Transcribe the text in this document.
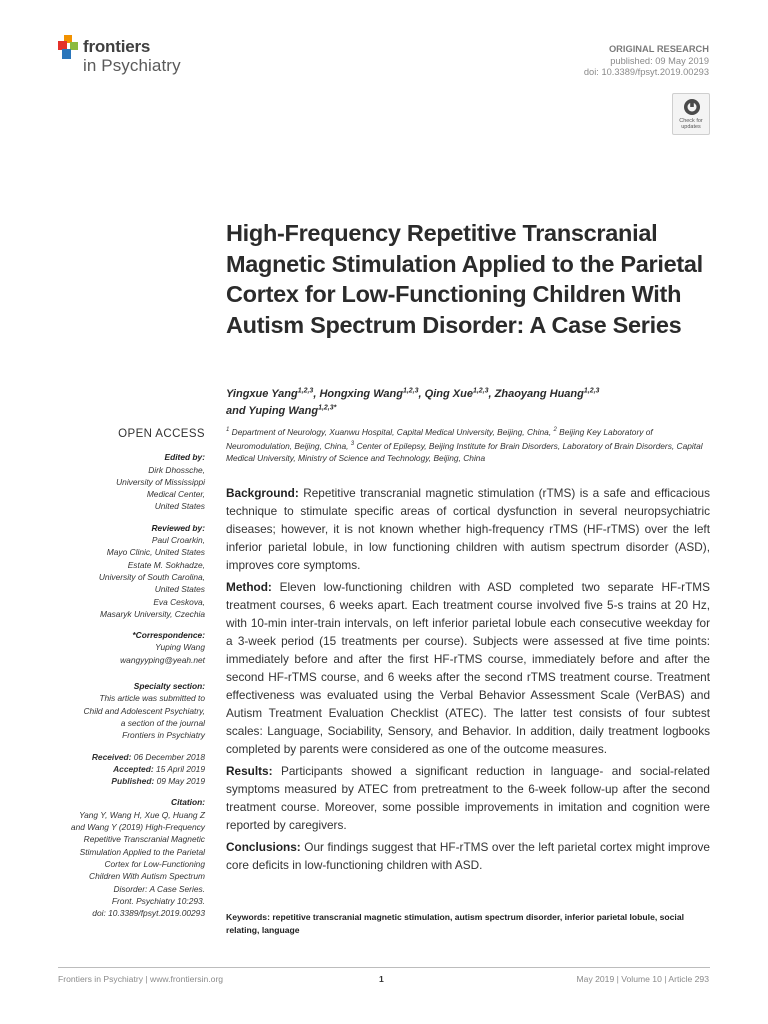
frontiers
in Psychiatry
ORIGINAL RESEARCH
published: 09 May 2019
doi: 10.3389/fpsyt.2019.00293
Check for
updates
High-Frequency Repetitive Transcranial Magnetic Stimulation Applied to the Parietal Cortex for Low-Functioning Children With Autism Spectrum Disorder: A Case Series
Yingxue Yang$^{1,2,3}$, Hongxing Wang$^{1,2,3}$, Qing Xue$^{1,2,3}$, Zhaoyang Huang$^{1,2,3}$
and Yuping Wang$^{1,2,3*}$
$^1$ Department of Neurology, Xuanwu Hospital, Capital Medical University, Beijing, China, $^2$ Beijing Key Laboratory of Neuromodulation, Beijing, China, $^3$ Center of Epilepsy, Beijing Institute for Brain Disorders, Laboratory of Brain Disorders, Capital Medical University, Ministry of Science and Technology, Beijing, China
OPEN ACCESS
Edited by:
Dirk Dhossche,
University of Mississippi
Medical Center,
United States
Reviewed by:
Paul Croarkin,
Mayo Clinic, United States
Estate M. Sokhadze,
University of South Carolina,
United States
Eva Ceskova,
Masaryk University, Czechia
*Correspondence:
Yuping Wang
wangyyping@yeah.net
Specialty section:
This article was submitted to
Child and Adolescent Psychiatry,
a section of the journal
Frontiers in Psychiatry
Received: 06 December 2018
Accepted: 15 April 2019
Published: 09 May 2019
Citation:
Yang Y, Wang H, Xue Q, Huang Z
and Wang Y (2019) High-Frequency
Repetitive Transcranial Magnetic
Stimulation Applied to the Parietal
Cortex for Low-Functioning
Children With Autism Spectrum
Disorder: A Case Series.
Front. Psychiatry 10:293.
doi: 10.3389/fpsyt.2019.00293

Background: Repetitive transcranial magnetic stimulation (rTMS) is a safe and efficacious technique to stimulate specific areas of cortical dysfunction in several neuropsychiatric diseases; however, it is not known whether high-frequency rTMS (HF-rTMS) over the left inferior parietal lobule, in low functioning children with autism spectrum disorder (ASD), improves core symptoms.

Method: Eleven low-functioning children with ASD completed two separate HF-rTMS treatment courses, 6 weeks apart. Each treatment course involved five 5-s trains at 20 Hz, with 10-min inter-train intervals, on left inferior parietal lobule each consecutive weekday for a 3-week period (15 treatments per course). Subjects were assessed at five time points: immediately before and after the first HF-rTMS course, immediately before and after the second HF-rTMS course, and 6 weeks after the second rTMS treatment course. Treatment effectiveness was evaluated using the Verbal Behavior Assessment Scale (VerBAS) and Autism Treatment Evaluation Checklist (ATEC). The latter test consists of four subtest scales: Language, Sociability, Sensory, and Behavior. In addition, daily treatment logbooks completed by parents were considered as one of the outcome measures.

Results: Participants showed a significant reduction in language- and social-related symptoms measured by ATEC from pretreatment to the 6-week follow-up after the second treatment course. Moreover, some possible improvements in imitation and cognition were reported by caregivers.

Conclusions: Our findings suggest that HF-rTMS over the left parietal cortex might improve core deficits in low-functioning children with ASD.

Keywords: repetitive transcranial magnetic stimulation, autism spectrum disorder, inferior parietal lobule, social relating, language
Frontiers in Psychiatry | www.frontiersin.org	1	May 2019 | Volume 10 | Article 293
